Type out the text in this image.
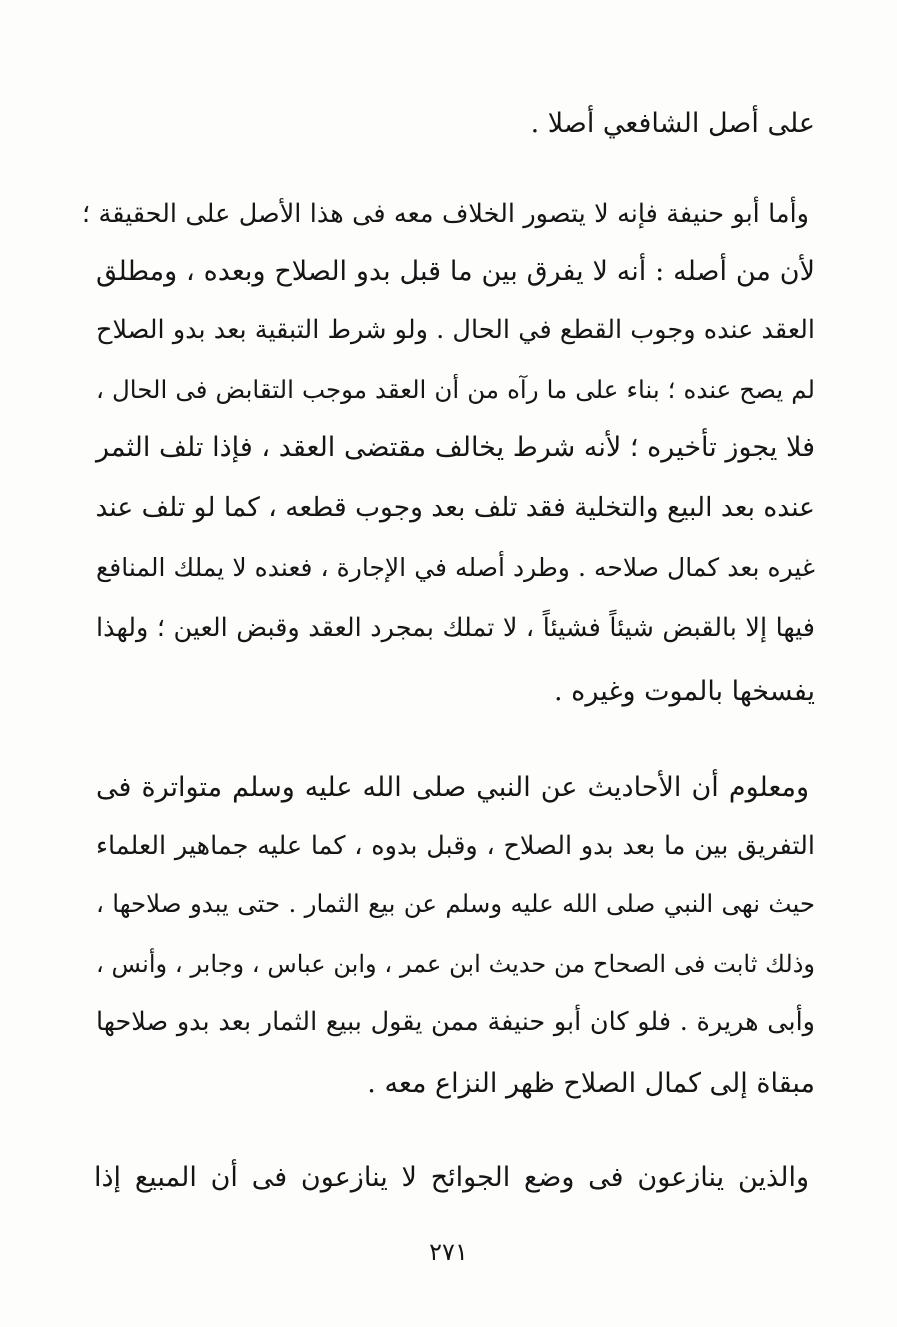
على أصل الشافعي أصلا .
وأما أبو حنيفة فإنه لا يتصور الخلاف معه فى هذا الأصل على الحقيقة ؛
لأن من أصله : أنه لا يفرق بين ما قبل بدو الصلاح وبعده ، ومطلق
العقد عنده وجوب القطع في الحال . ولو شرط التبقية بعد بدو الصلاح
لم يصح عنده ؛ بناء على ما رآه من أن العقد موجب التقابض فى الحال ،
فلا يجوز تأخيره ؛ لأنه شرط يخالف مقتضى العقد ، فإذا تلف الثمر
عنده بعد البيع والتخلية فقد تلف بعد وجوب قطعه ، كما لو تلف عند
غيره بعد كمال صلاحه . وطرد أصله في الإجارة ، فعنده لا يملك المنافع
فيها إلا بالقبض شيئاً فشيئاً ، لا تملك بمجرد العقد وقبض العين ؛ ولهذا
يفسخها بالموت وغيره .
ومعلوم أن الأحاديث عن النبي صلى الله عليه وسلم متواترة فى
التفريق بين ما بعد بدو الصلاح ، وقبل بدوه ، كما عليه جماهير العلماء
حيث نهى النبي صلى الله عليه وسلم عن بيع الثمار . حتى يبدو صلاحها ،
وذلك ثابت فى الصحاح من حديث ابن عمر ، وابن عباس ، وجابر ، وأنس ،
وأبى هريرة . فلو كان أبو حنيفة ممن يقول ببيع الثمار بعد بدو صلاحها
مبقاة إلى كمال الصلاح ظهر النزاع معه .
والذين ينازعون فى وضع الجوائح لا ينازعون فى أن المبيع إذا
٢٧١
